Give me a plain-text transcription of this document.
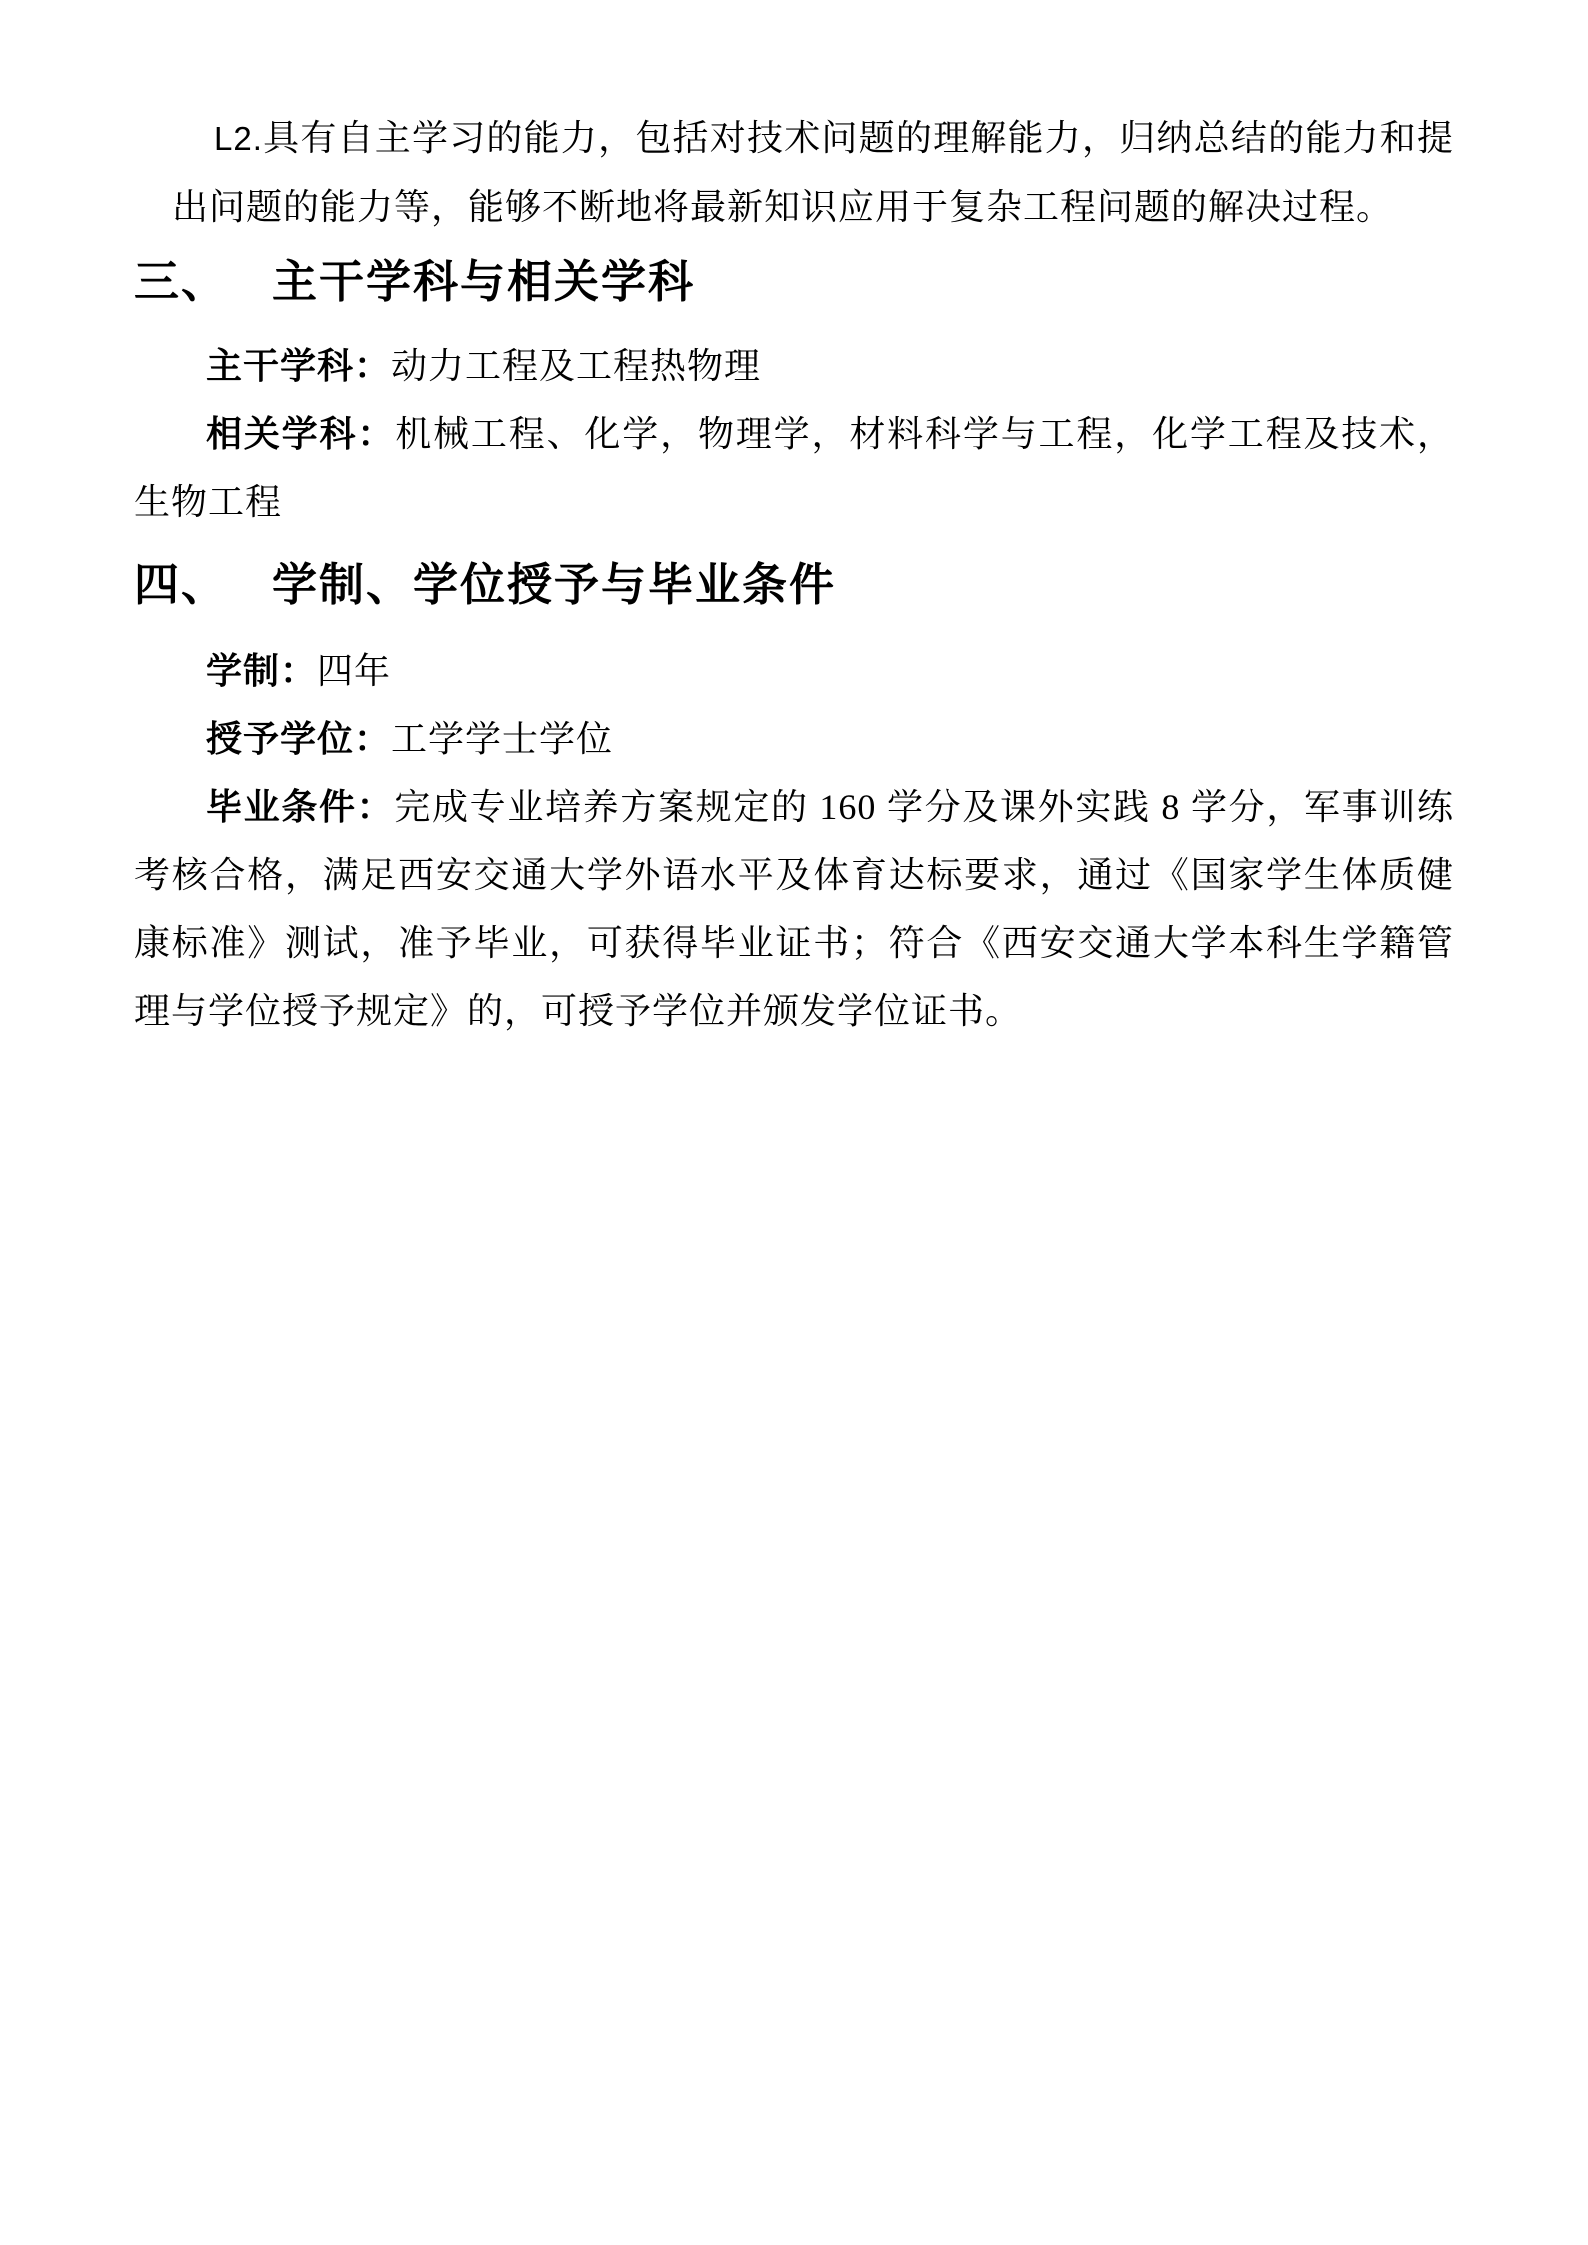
L2.具有自主学习的能力，包括对技术问题的理解能力，归纳总结的能力和提出问题的能力等，能够不断地将最新知识应用于复杂工程问题的解决过程。

三、 主干学科与相关学科

主干学科：动力工程及工程热物理

相关学科：机械工程、化学，物理学，材料科学与工程，化学工程及技术，生物工程

四、 学制、学位授予与毕业条件

学制：四年

授予学位：工学学士学位

毕业条件：完成专业培养方案规定的 160 学分及课外实践 8 学分，军事训练考核合格，满足西安交通大学外语水平及体育达标要求，通过《国家学生体质健康标准》测试，准予毕业，可获得毕业证书；符合《西安交通大学本科生学籍管理与学位授予规定》的，可授予学位并颁发学位证书。
